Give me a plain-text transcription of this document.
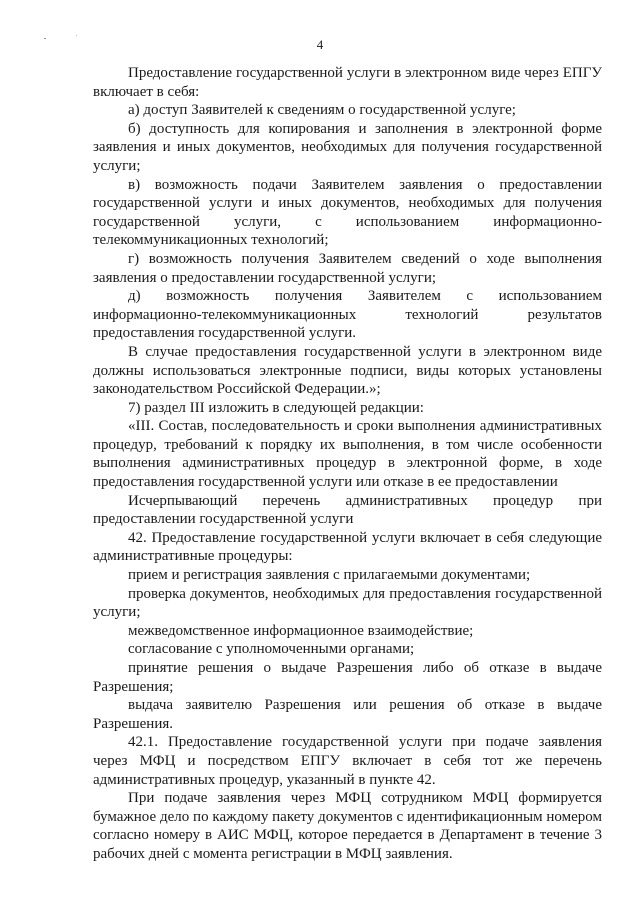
4

Предоставление государственной услуги в электронном виде через ЕПГУ включает в себя:

а) доступ Заявителей к сведениям о государственной услуге;

б) доступность для копирования и заполнения в электронной форме заявления и иных документов, необходимых для получения государственной услуги;

в) возможность подачи Заявителем заявления о предоставлении государственной услуги и иных документов, необходимых для получения государственной услуги, с использованием информационно-телекоммуникационных технологий;

г) возможность получения Заявителем сведений о ходе выполнения заявления о предоставлении государственной услуги;

д) возможность получения Заявителем с использованием информационно-телекоммуникационных технологий результатов предоставления государственной услуги.

В случае предоставления государственной услуги в электронном виде должны использоваться электронные подписи, виды которых установлены законодательством Российской Федерации.»;

7) раздел III изложить в следующей редакции:

«III. Состав, последовательность и сроки выполнения административных процедур, требований к порядку их выполнения, в том числе особенности выполнения административных процедур в электронной форме, в ходе предоставления государственной услуги или отказе в ее предоставлении

Исчерпывающий перечень административных процедур при предоставлении государственной услуги

42. Предоставление государственной услуги включает в себя следующие административные процедуры:

прием и регистрация заявления с прилагаемыми документами;

проверка документов, необходимых для предоставления государственной услуги;

межведомственное информационное взаимодействие;

согласование с уполномоченными органами;

принятие решения о выдаче Разрешения либо об отказе в выдаче Разрешения;

выдача заявителю Разрешения или решения об отказе в выдаче Разрешения.

42.1. Предоставление государственной услуги при подаче заявления через МФЦ и посредством ЕПГУ включает в себя тот же перечень административных процедур, указанный в пункте 42.

При подаче заявления через МФЦ сотрудником МФЦ формируется бумажное дело по каждому пакету документов с идентификационным номером согласно номеру в АИС МФЦ, которое передается в Департамент в течение 3 рабочих дней с момента регистрации в МФЦ заявления.
